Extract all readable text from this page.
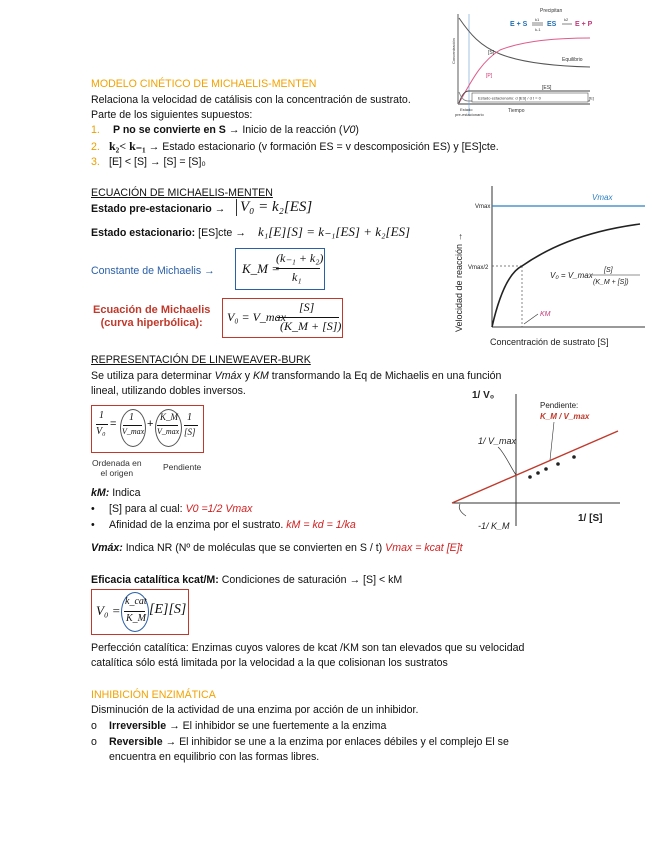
Precipitan
E + S
k1
k-1
ES
k2
E + P
[S]
[P]
[ES]
Equilibrio
Estado estacionario: d [ES] / d t = 0	[E]
Concentración
Tiempo
Estado
pre-estacionario
MODELO CINÉTICO DE MICHAELIS-MENTEN
Relaciona la velocidad de catálisis con la concentración de sustrato.
Parte de los siguientes supuestos:
1. P no se convierte en S → Inicio de la reacción (V0)
2. k₂< k₋₁ → Estado estacionario (v formación ES = v descomposición ES) y [ES]cte.
3. [E] < [S] → [S] = [S]₀
ECUACIÓN DE MICHAELIS-MENTEN
Estado pre-estacionario → V₀ = k₂[ES]
Estado estacionario: [ES]cte → k₁[E][S] = k₋₁[ES] + k₂[ES]
Constante de Michaelis → K_M =
(k₋₁ + k₂)
k₁
Ecuación de Michaelis
(curva hiperbólica):	V₀ = V_max
[S]
(K_M + [S])
Vmax
Vmax
Vmax/2
Velocidad de reacción →
Concentración de sustrato [S]
KM
V₀ = V_max
[S]
(K_M + [S])
REPRESENTACIÓN DE LINEWEAVER-BURK
Se utiliza para determinar Vmáx y KM transformando la Eq de Michaelis en una función
lineal, utilizando dobles inversos.
1
V₀
=
1
V_max
+
K_M
V_max
1
[S]
Ordenada en
el origen
Pendiente
1/ V₀
1/ [S]
1/ V_max
-1/ K_M
Pendiente:
K_M / V_max
kM: Indica
• [S] para al cual: V0 =1/2 Vmax
• Afinidad de la enzima por el sustrato. kM = kd = 1/ka
Vmáx: Indica NR (Nº de moléculas que se convierten en S / t) Vmax = kcat [E]t
Eficacia catalítica kcat/M: Condiciones de saturación → [S] < kM
V₀ =
k_cat
K_M
[E][S]
Perfección catalítica: Enzimas cuyos valores de kcat /KM son tan elevados que su velocidad
catalítica sólo está limitada por la velocidad a la que colisionan los sustratos
INHIBICIÓN ENZIMÁTICA
Disminución de la actividad de una enzima por acción de un inhibidor.
o Irreversible → El inhibidor se une fuertemente a la enzima
o Reversible → El inhibidor se une a la enzima por enlaces débiles y el complejo El se
encuentra en equilibrio con las formas libres.
